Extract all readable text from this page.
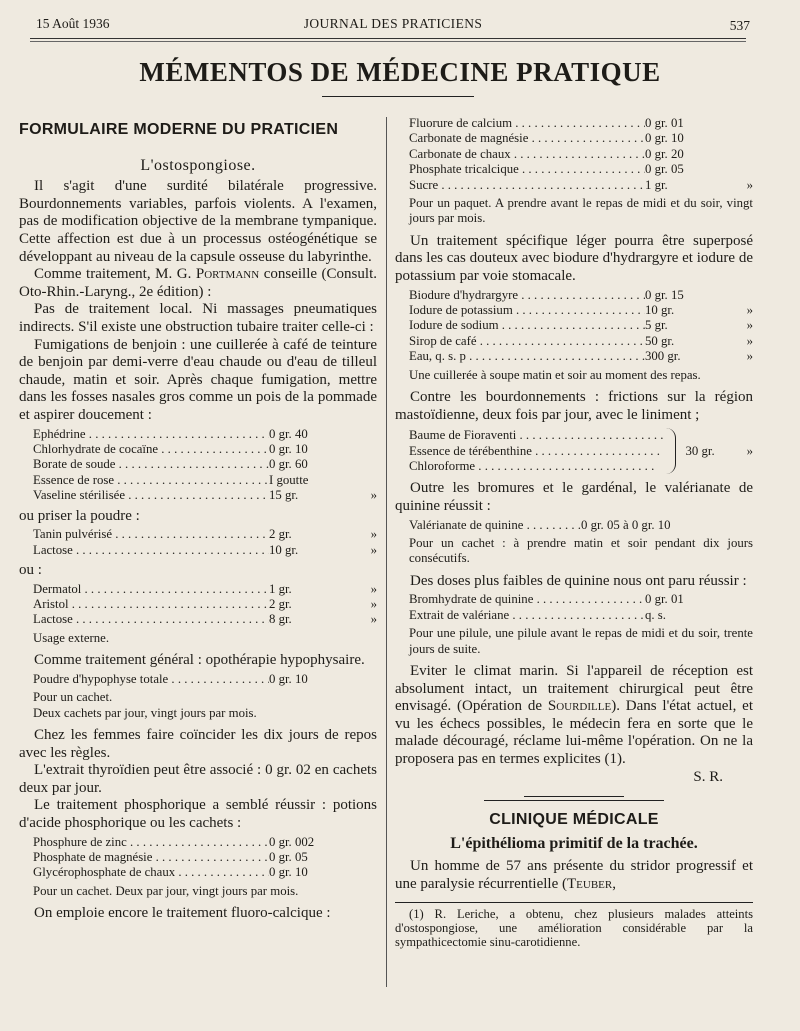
15 Août 1936	JOURNAL DES PRATICIENS	537
MÉMENTOS DE MÉDECINE PRATIQUE
FORMULAIRE MODERNE DU PRATICIEN
L'ostospongiose.

Il s'agit d'une surdité bilatérale progressive. Bourdonnements variables, parfois violents. A l'examen, pas de modification objective de la membrane tympanique. Cette affection est due à un processus ostéogénétique se développant au niveau de la capsule osseuse du labyrinthe.

Comme traitement, M. G. Portmann conseille (Consult. Oto-Rhin.-Laryng., 2e édition) :

Pas de traitement local. Ni massages pneumatiques indirects. S'il existe une obstruction tubaire traiter celle-ci :

Fumigations de benjoin : une cuillerée à café de teinture de benjoin par demi-verre d'eau chaude ou d'eau de tilleul chaude, matin et soir. Après chaque fumigation, mettre dans les fosses nasales gros comme un pois de la pommade et aspirer doucement :

Ephédrine . . .	0 gr. 40
Chlorhydrate de cocaïne . . .	0 gr. 10
Borate de soude . . .	0 gr. 60
Essence de rose . . .	I goutte
Vaseline stérilisée . . .	15 gr.	»

ou priser la poudre :

Tanin pulvérisé . . .	2 gr.	»
Lactose . . .	10 gr.	»

ou :

Dermatol . . .	1 gr.	»
Aristol . . .	2 gr.	»
Lactose . . .	8 gr.	»
Usage externe.

Comme traitement général : opothérapie hypophysaire.

Poudre d'hypophyse totale . . .	0 gr. 10
Pour un cachet.
Deux cachets par jour, vingt jours par mois.

Chez les femmes faire coïncider les dix jours de repos avec les règles.

L'extrait thyroïdien peut être associé : 0 gr. 02 en cachets deux par jour.

Le traitement phosphorique a semblé réussir : potions d'acide phosphorique ou les cachets :

Phosphure de zinc . . .	0 gr. 002
Phosphate de magnésie . . .	0 gr. 05
Glycérophosphate de chaux . . .	0 gr. 10
Pour un cachet. Deux par jour, vingt jours par mois.

On emploie encore le traitement fluoro-calcique :

Fluorure de calcium . . .	0 gr. 01
Carbonate de magnésie . . .	0 gr. 10
Carbonate de chaux . . .	0 gr. 20
Phosphate tricalcique . . .	0 gr. 05
Sucre . . .	1 gr.	»
Pour un paquet. A prendre avant le repas de midi et du soir, vingt jours par mois.

Un traitement spécifique léger pourra être superposé dans les cas douteux avec biodure d'hydrargyre et iodure de potassium par voie stomacale.

Biodure d'hydrargyre . . .	0 gr. 15
Iodure de potassium . . .	10 gr.	»
Iodure de sodium . . .	5 gr.	»
Sirop de café . . .	50 gr.	»
Eau, q. s. p . . .	300 gr.	»
Une cuillerée à soupe matin et soir au moment des repas.

Contre les bourdonnements : frictions sur la région mastoïdienne, deux fois par jour, avec le liniment ;

Baume de Fioraventi . . .
Essence de térébenthine . . .
Chloroforme . . .
30 gr.	»

Outre les bromures et le gardénal, le valérianate de quinine réussit :

Valérianate de quinine . . .	0 gr. 05 à 0 gr. 10
Pour un cachet : à prendre matin et soir pendant dix jours consécutifs.

Des doses plus faibles de quinine nous ont paru réussir :

Bromhydrate de quinine . . .	0 gr. 01
Extrait de valériane . . .	q. s.
Pour une pilule, une pilule avant le repas de midi et du soir, trente jours de suite.

Eviter le climat marin. Si l'appareil de réception est absolument intact, un traitement chirurgical peut être envisagé. (Opération de Sourdille). Dans l'état actuel, et vu les échecs possibles, le médecin fera en sorte que le malade découragé, réclame lui-même l'opération. On ne la proposera pas en termes explicites (1).

S. R.
CLINIQUE MÉDICALE
L'épithélioma primitif de la trachée.

Un homme de 57 ans présente du stridor progressif et une paralysie récurrentielle (Teuber,

(1) R. Leriche, a obtenu, chez plusieurs malades atteints d'ostospongiose, une amélioration considérable par la sympathicectomie sinu-carotidienne.
